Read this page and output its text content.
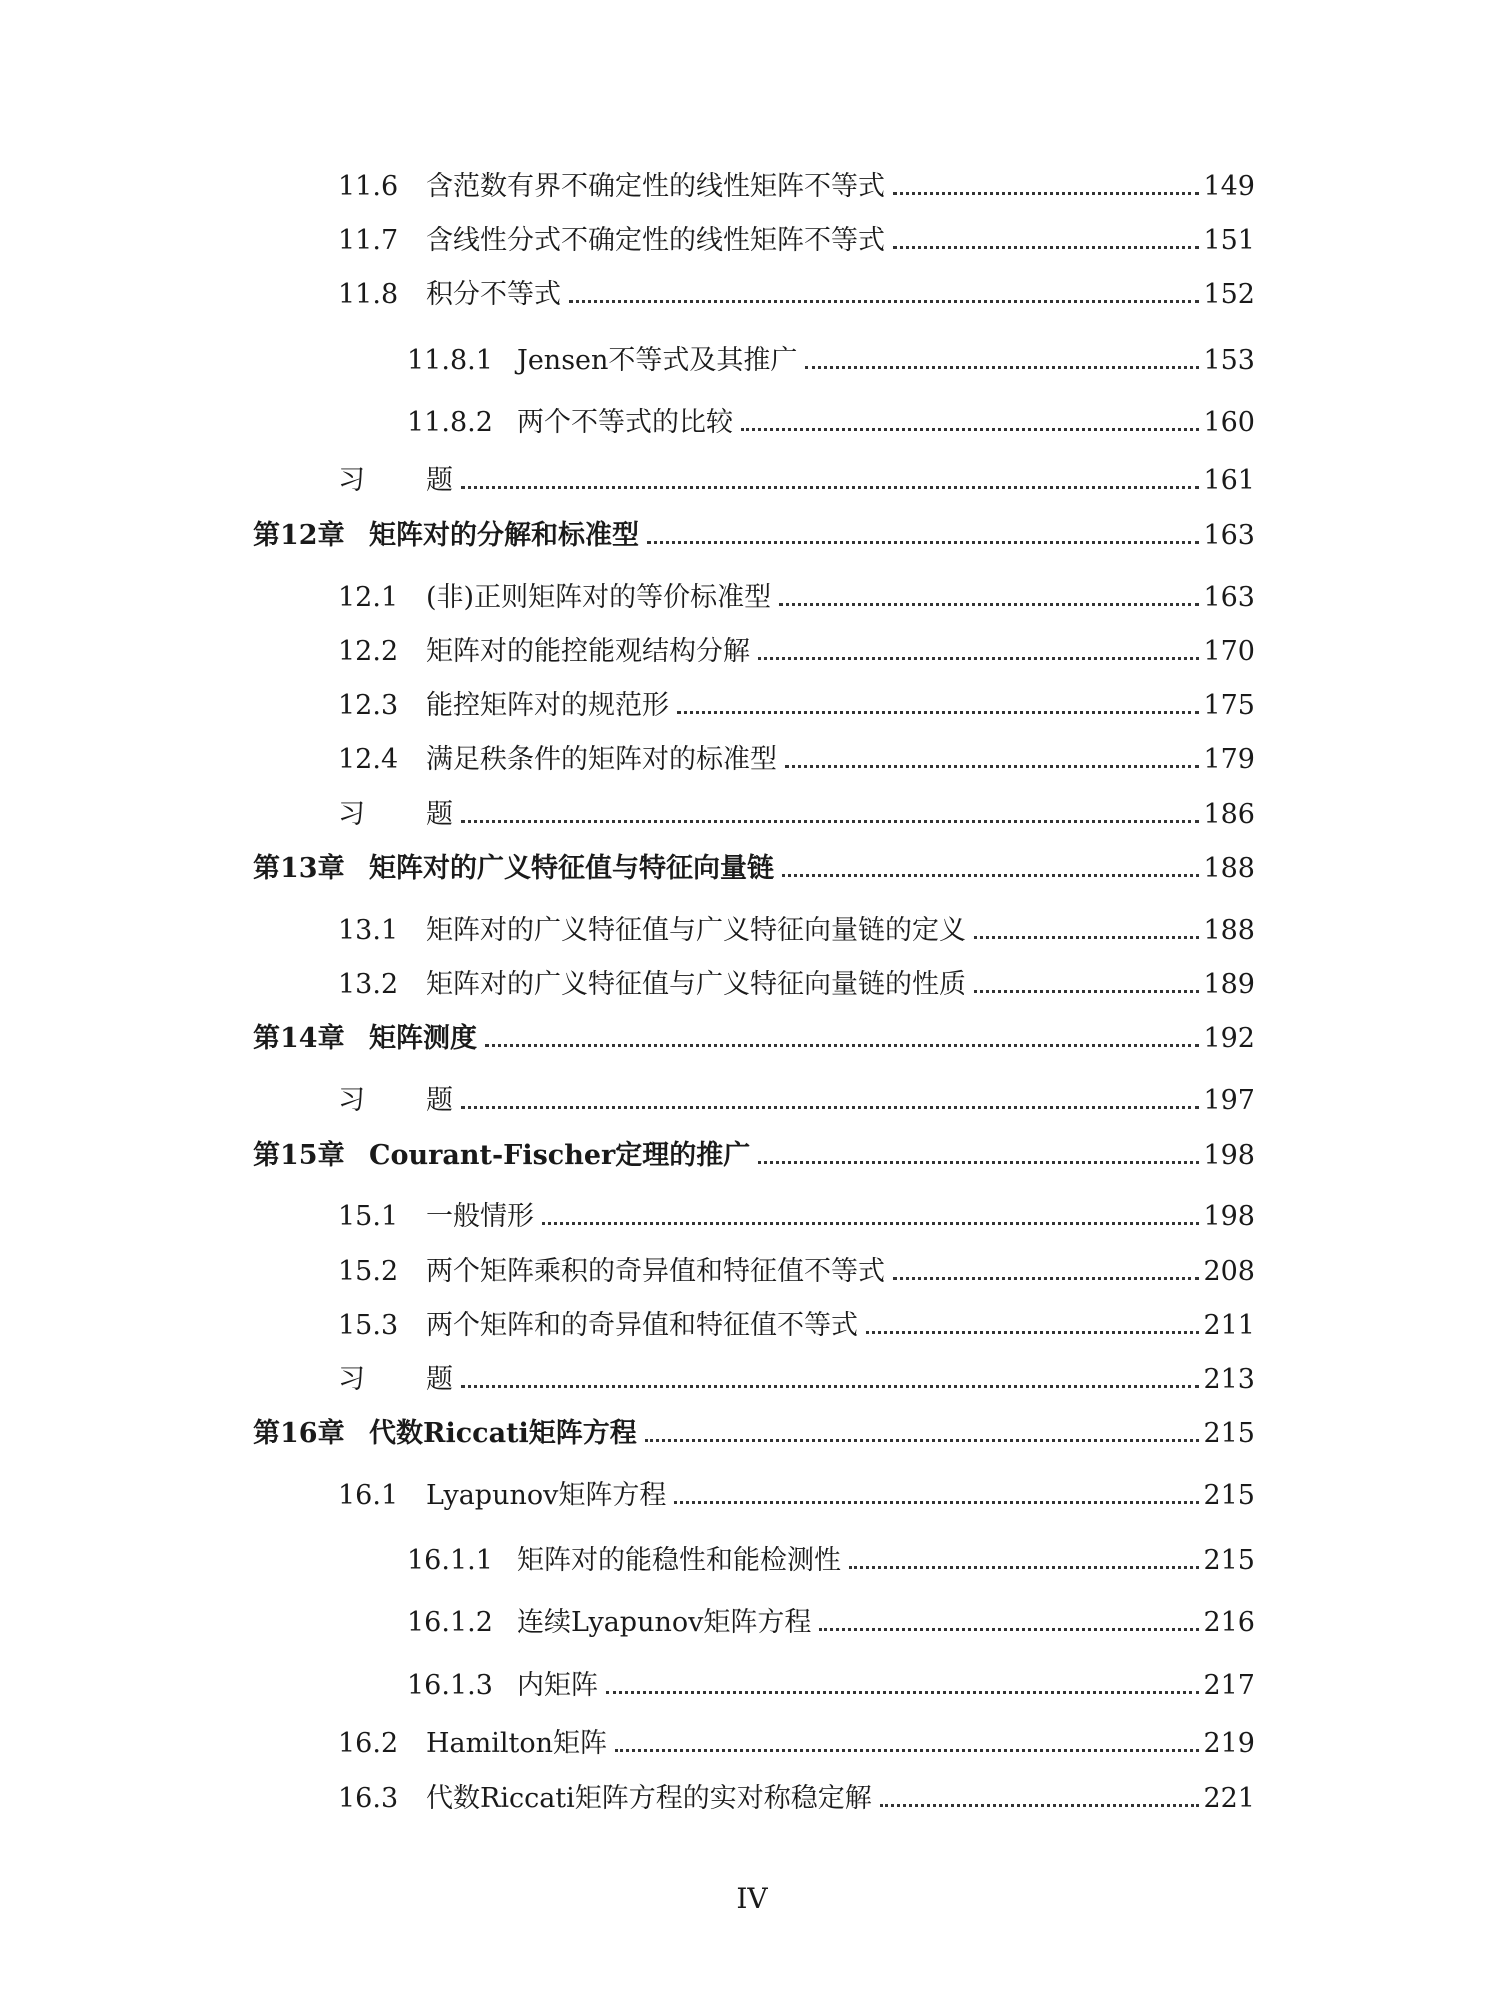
11.6	含范数有界不确定性的线性矩阵不等式	149
11.7	含线性分式不确定性的线性矩阵不等式	151
11.8	积分不等式	152
11.8.1 Jensen不等式及其推广	153
11.8.2 两个不等式的比较	160
习	题	161
第12章 矩阵对的分解和标准型	163
12.1	(非)正则矩阵对的等价标准型	163
12.2	矩阵对的能控能观结构分解	170
12.3	能控矩阵对的规范形	175
12.4	满足秩条件的矩阵对的标准型	179
习	题	186
第13章 矩阵对的广义特征值与特征向量链	188
13.1	矩阵对的广义特征值与广义特征向量链的定义	188
13.2	矩阵对的广义特征值与广义特征向量链的性质	189
第14章 矩阵测度	192
习	题	197
第15章 Courant-Fischer定理的推广	198
15.1	一般情形	198
15.2	两个矩阵乘积的奇异值和特征值不等式	208
15.3	两个矩阵和的奇异值和特征值不等式	211
习	题	213
第16章 代数Riccati矩阵方程	215
16.1	Lyapunov矩阵方程	215
16.1.1 矩阵对的能稳性和能检测性	215
16.1.2 连续Lyapunov矩阵方程	216
16.1.3 内矩阵	217
16.2	Hamilton矩阵	219
16.3	代数Riccati矩阵方程的实对称稳定解	221
IV
